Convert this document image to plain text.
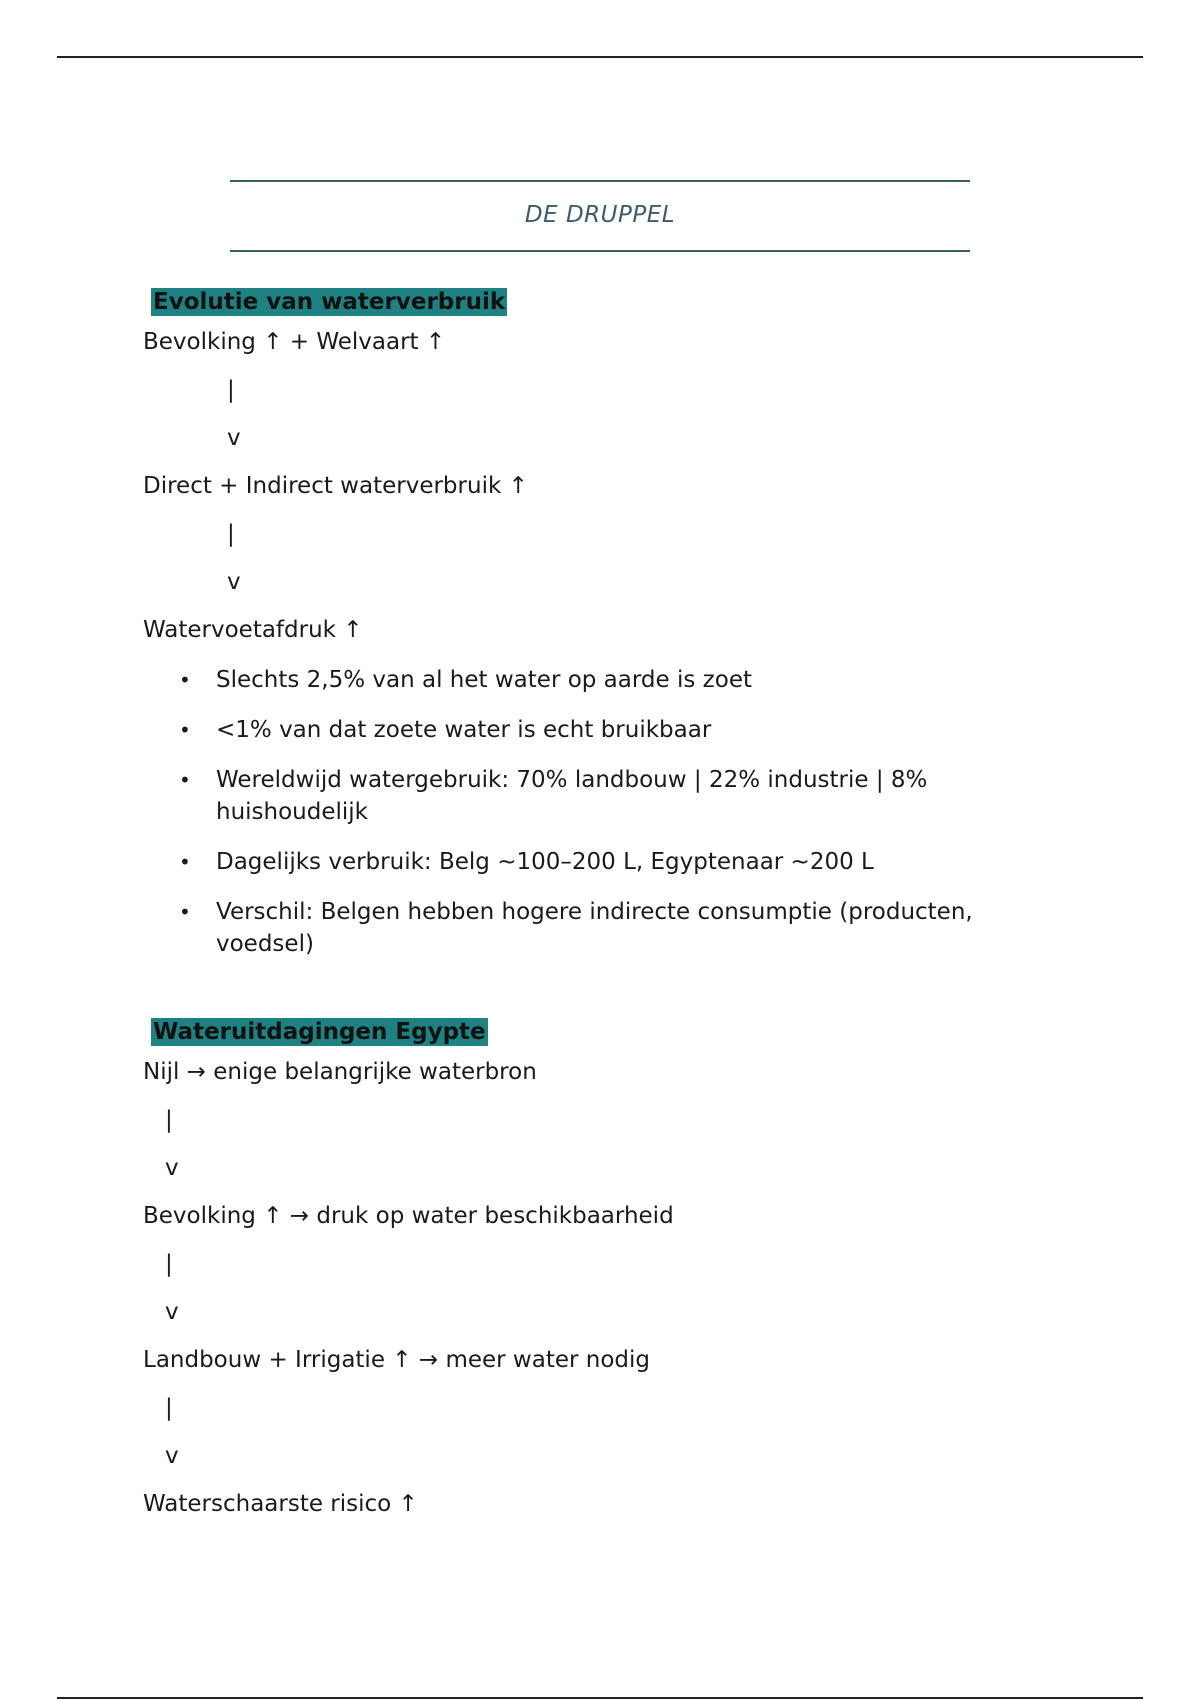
DE DRUPPEL
Evolutie van waterverbruik
Bevolking ↑ + Welvaart ↑
|
v
Direct + Indirect waterverbruik ↑
|
v
Watervoetafdruk ↑
• Slechts 2,5% van al het water op aarde is zoet
• <1% van dat zoete water is echt bruikbaar
• Wereldwijd watergebruik: 70% landbouw | 22% industrie | 8% huishoudelijk
• Dagelijks verbruik: Belg ~100–200 L, Egyptenaar ~200 L
• Verschil: Belgen hebben hogere indirecte consumptie (producten, voedsel)
Wateruitdagingen Egypte
Nijl → enige belangrijke waterbron
|
v
Bevolking ↑ → druk op water beschikbaarheid
|
v
Landbouw + Irrigatie ↑ → meer water nodig
|
v
Waterschaarste risico ↑
